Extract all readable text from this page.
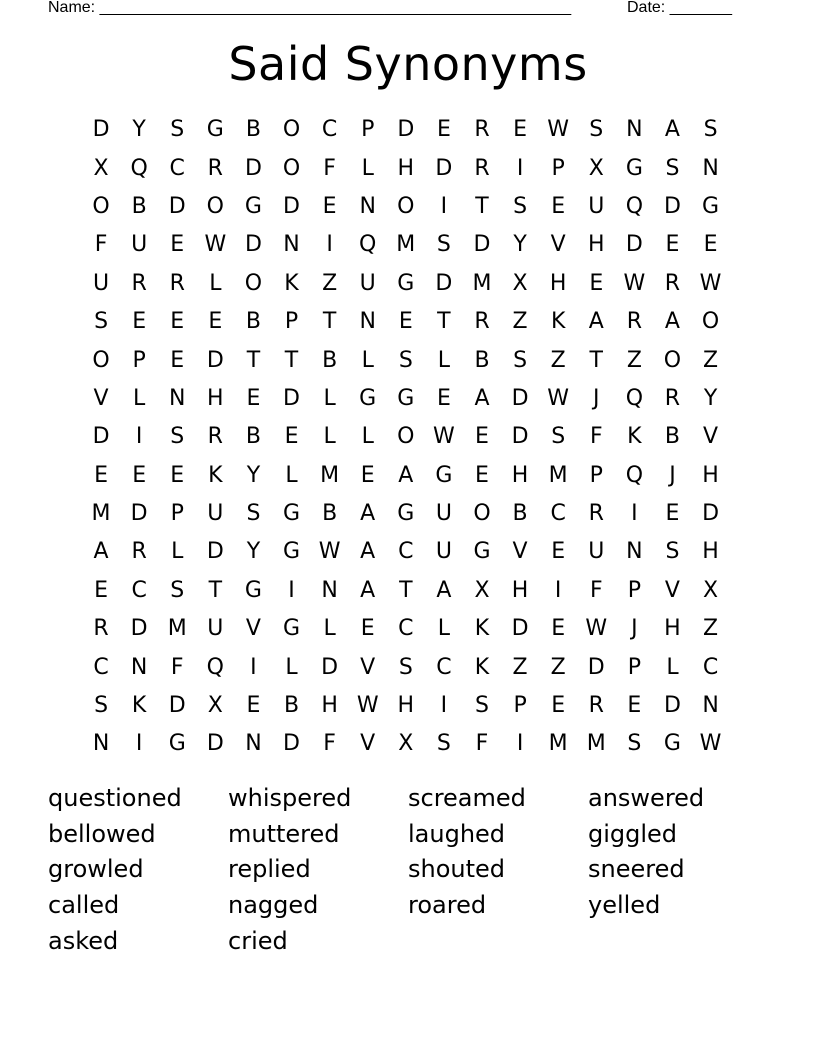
Name: _____________________________________________________	Date: _______
Said Synonyms
D	Y	S	G	B O C	P	D	E	R	E W S	N	A	S
X Q C	R D O	F	L	H D R	I	P	X	G	S	N
O B	D O G D	E	N O	I	T	S	E	U Q D G
F	U	E W D N	I	Q M S	D	Y	V	H D	E	E
U	R	R	L	O	K	Z	U G D M X	H	E W R W
S	E	E	E	B	P	T	N	E	T	R	Z	K	A	R	A O
O	P	E	D	T	T	B	L	S	L	B	S	Z	T	Z O Z
V	L	N H	E	D	L	G G	E	A	D W	J	Q R	Y
D	I	S	R	B	E	L	L	O W E	D	S	F	K	B	V
E	E	E	K	Y	L	M E	A	G	E	H M P	Q	J	H
M D	P	U	S	G	B	A	G U O B	C	R	I	E	D
A	R	L	D	Y	G W A	C	U G	V	E	U N	S	H
E	C	S	T	G	I	N	A	T	A	X	H	I	F	P	V	X
R D M U	V	G	L	E	C	L	K	D	E W	J	H	Z
C	N	F	Q	I	L	D	V	S	C	K	Z	Z	D	P	L	C
S	K	D	X	E	B	H W H	I	S	P	E	R	E	D N
N	I	G D N D	F	V	X	S	F	I	M M S	G W
questioned	whispered	screamed	answered
bellowed	muttered	laughed	giggled
growled	replied	shouted	sneered
called	nagged	roared	yelled
asked	cried
